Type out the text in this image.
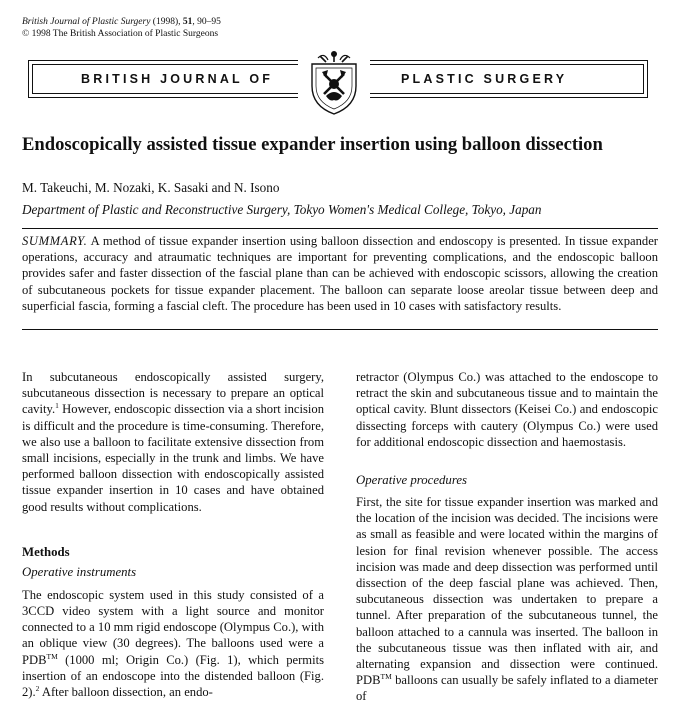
British Journal of Plastic Surgery (1998), 51, 90–95
© 1998 The British Association of Plastic Surgeons
BRITISH JOURNAL OF	PLASTIC SURGERY
Endoscopically assisted tissue expander insertion using balloon dissection
M. Takeuchi, M. Nozaki, K. Sasaki and N. Isono
Department of Plastic and Reconstructive Surgery, Tokyo Women's Medical College, Tokyo, Japan
SUMMARY. A method of tissue expander insertion using balloon dissection and endoscopy is presented. In tissue expander operations, accuracy and atraumatic techniques are important for preventing complications, and the endoscopic balloon provides safer and faster dissection of the fascial plane than can be achieved with endoscopic scissors, allowing the creation of subcutaneous pockets for tissue expander placement. The balloon can separate loose areolar tissue between deep and superficial fascia, forming a fascial cleft. The procedure has been used in 10 cases with satisfactory results.

In subcutaneous endoscopically assisted surgery, subcutaneous dissection is necessary to prepare an optical cavity.$^1$ However, endoscopic dissection via a short incision is difficult and the procedure is time-consuming. Therefore, we also use a balloon to facilitate extensive dissection from small incisions, especially in the trunk and limbs. We have performed balloon dissection with endoscopically assisted tissue expander insertion in 10 cases and have obtained good results without complications.

Methods
Operative instruments

The endoscopic system used in this study consisted of a 3CCD video system with a light source and monitor connected to a 10 mm rigid endoscope (Olympus Co.), with an oblique view (30 degrees). The balloons used were a PDB™ (1000 ml; Origin Co.) (Fig. 1), which permits insertion of an endoscope into the distended balloon (Fig. 2).$^2$ After balloon dissection, an endo-

retractor (Olympus Co.) was attached to the endoscope to retract the skin and subcutaneous tissue and to maintain the optical cavity. Blunt dissectors (Keisei Co.) and endoscopic dissecting forceps with cautery (Olympus Co.) were used for additional endoscopic dissection and haemostasis.

Operative procedures

First, the site for tissue expander insertion was marked and the location of the incision was decided. The incisions were as small as feasible and were located within the margins of lesion for final revision whenever possible. The access incision was made and deep dissection was performed until dissection of the deep fascial plane was achieved. Then, subcutaneous dissection was undertaken to prepare a tunnel. After preparation of the subcutaneous tunnel, the balloon attached to a cannula was inserted. The balloon in the subcutaneous tissue was then inflated with air, and alternating expansion and dissection were continued. PDB™ balloons can usually be safely inflated to a diameter of
